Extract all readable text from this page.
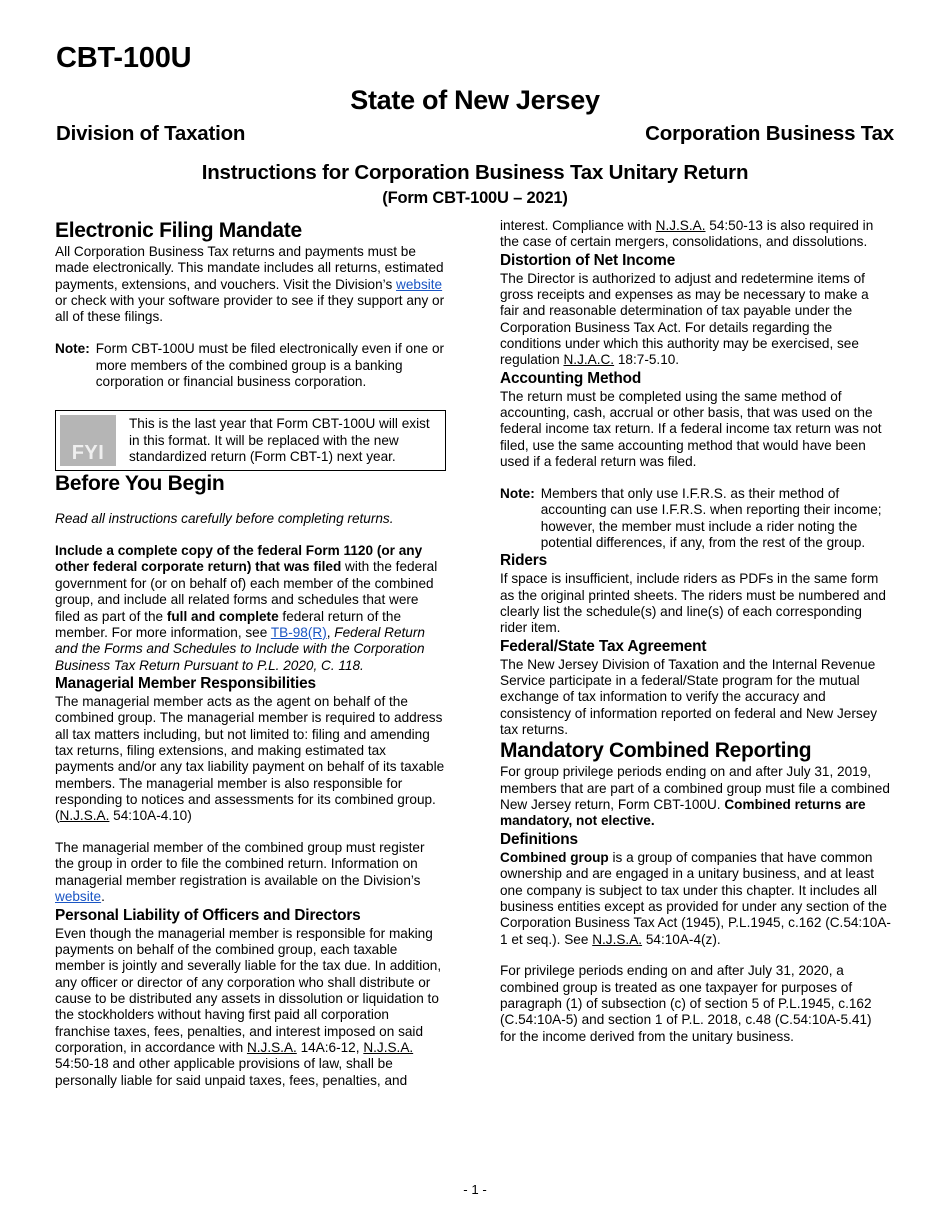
CBT-100U
State of New Jersey
Division of Taxation	Corporation Business Tax
Instructions for Corporation Business Tax Unitary Return
(Form CBT-100U – 2021)
Electronic Filing Mandate

All Corporation Business Tax returns and payments must be made electronically. This mandate includes all returns, estimated payments, extensions, and vouchers. Visit the Division’s website or check with your software provider to see if they support any or all of these filings.

Note: Form CBT-100U must be filed electronically even if one or more members of the combined group is a banking corporation or financial business corporation.
FYI
This is the last year that Form CBT-100U will exist in this format. It will be replaced with the new standardized return (Form CBT-1) next year.
Before You Begin

Read all instructions carefully before completing returns.

Include a complete copy of the federal Form 1120 (or any other federal corporate return) that was filed with the federal government for (or on behalf of) each member of the combined group, and include all related forms and schedules that were filed as part of the full and complete federal return of the member. For more information, see TB-98(R), Federal Return and the Forms and Schedules to Include with the Corporation Business Tax Return Pursuant to P.L. 2020, C. 118.

Managerial Member Responsibilities

The managerial member acts as the agent on behalf of the combined group. The managerial member is required to address all tax matters including, but not limited to: filing and amending tax returns, filing extensions, and making estimated tax payments and/or any tax liability payment on behalf of its taxable members. The managerial member is also responsible for responding to notices and assessments for its combined group. (N.J.S.A. 54:10A-4.10)

The managerial member of the combined group must register the group in order to file the combined return. Information on managerial member registration is available on the Division’s website.

Personal Liability of Officers and Directors

Even though the managerial member is responsible for making payments on behalf of the combined group, each taxable member is jointly and severally liable for the tax due. In addition, any officer or director of any corporation who shall distribute or cause to be distributed any assets in dissolution or liquidation to the stockholders without having first paid all corporation franchise taxes, fees, penalties, and interest imposed on said corporation, in accordance with N.J.S.A. 14A:6-12, N.J.S.A. 54:50-18 and other applicable provisions of law, shall be personally liable for said unpaid taxes, fees, penalties, and

interest. Compliance with N.J.S.A. 54:50-13 is also required in the case of certain mergers, consolidations, and dissolutions.

Distortion of Net Income

The Director is authorized to adjust and redetermine items of gross receipts and expenses as may be necessary to make a fair and reasonable determination of tax payable under the Corporation Business Tax Act. For details regarding the conditions under which this authority may be exercised, see regulation N.J.A.C. 18:7-5.10.

Accounting Method

The return must be completed using the same method of accounting, cash, accrual or other basis, that was used on the federal income tax return. If a federal income tax return was not filed, use the same accounting method that would have been used if a federal return was filed.

Note: Members that only use I.F.R.S. as their method of accounting can use I.F.R.S. when reporting their income; however, the member must include a rider noting the potential differences, if any, from the rest of the group.
Riders

If space is insufficient, include riders as PDFs in the same form as the original printed sheets. The riders must be numbered and clearly list the schedule(s) and line(s) of each corresponding rider item.

Federal/State Tax Agreement

The New Jersey Division of Taxation and the Internal Revenue Service participate in a federal/State program for the mutual exchange of tax information to verify the accuracy and consistency of information reported on federal and New Jersey tax returns.

Mandatory Combined Reporting

For group privilege periods ending on and after July 31, 2019, members that are part of a combined group must file a combined New Jersey return, Form CBT-100U. Combined returns are mandatory, not elective.

Definitions

Combined group is a group of companies that have common ownership and are engaged in a unitary business, and at least one company is subject to tax under this chapter. It includes all business entities except as provided for under any section of the Corporation Business Tax Act (1945), P.L.1945, c.162 (C.54:10A-1 et seq.). See N.J.S.A. 54:10A-4(z).

For privilege periods ending on and after July 31, 2020, a combined group is treated as one taxpayer for purposes of paragraph (1) of subsection (c) of section 5 of P.L.1945, c.162 (C.54:10A-5) and section 1 of P.L. 2018, c.48 (C.54:10A-5.41) for the income derived from the unitary business.

- 1 -
